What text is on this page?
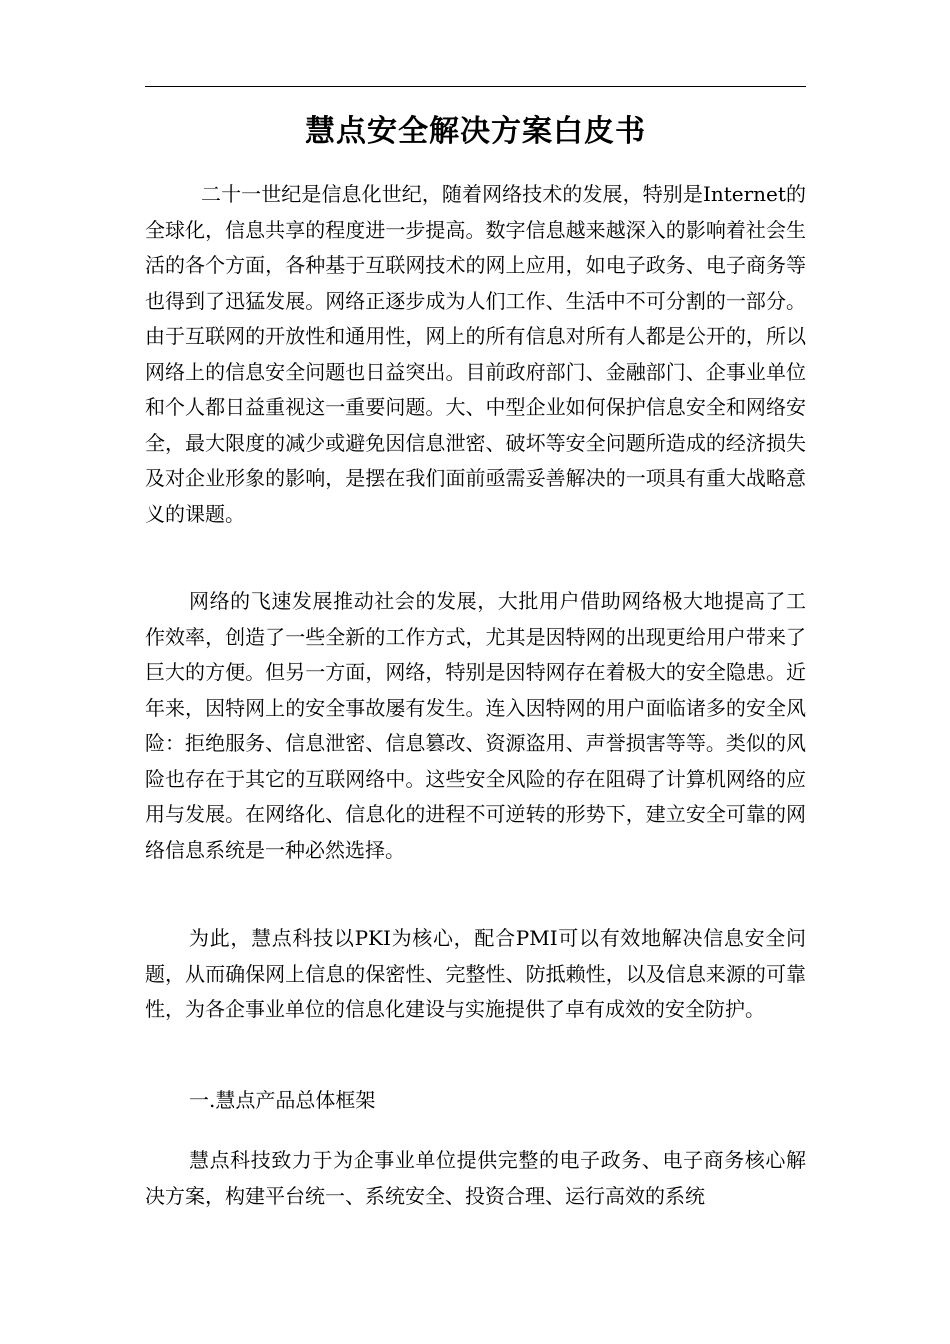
慧点安全解决方案白皮书

二十一世纪是信息化世纪，随着网络技术的发展，特别是Internet的全球化，信息共享的程度进一步提高。数字信息越来越深入的影响着社会生活的各个方面，各种基于互联网技术的网上应用，如电子政务、电子商务等也得到了迅猛发展。网络正逐步成为人们工作、生活中不可分割的一部分。由于互联网的开放性和通用性，网上的所有信息对所有人都是公开的，所以网络上的信息安全问题也日益突出。目前政府部门、金融部门、企事业单位和个人都日益重视这一重要问题。大、中型企业如何保护信息安全和网络安全，最大限度的减少或避免因信息泄密、破坏等安全问题所造成的经济损失及对企业形象的影响，是摆在我们面前亟需妥善解决的一项具有重大战略意义的课题。

网络的飞速发展推动社会的发展，大批用户借助网络极大地提高了工作效率，创造了一些全新的工作方式，尤其是因特网的出现更给用户带来了巨大的方便。但另一方面，网络，特别是因特网存在着极大的安全隐患。近年来，因特网上的安全事故屡有发生。连入因特网的用户面临诸多的安全风险：拒绝服务、信息泄密、信息篡改、资源盗用、声誉损害等等。类似的风险也存在于其它的互联网络中。这些安全风险的存在阻碍了计算机网络的应用与发展。在网络化、信息化的进程不可逆转的形势下，建立安全可靠的网络信息系统是一种必然选择。

为此，慧点科技以PKI为核心，配合PMI可以有效地解决信息安全问题，从而确保网上信息的保密性、完整性、防抵赖性，以及信息来源的可靠性，为各企事业单位的信息化建设与实施提供了卓有成效的安全防护。

一.慧点产品总体框架

慧点科技致力于为企事业单位提供完整的电子政务、电子商务核心解决方案，构建平台统一、系统安全、投资合理、运行高效的系统
